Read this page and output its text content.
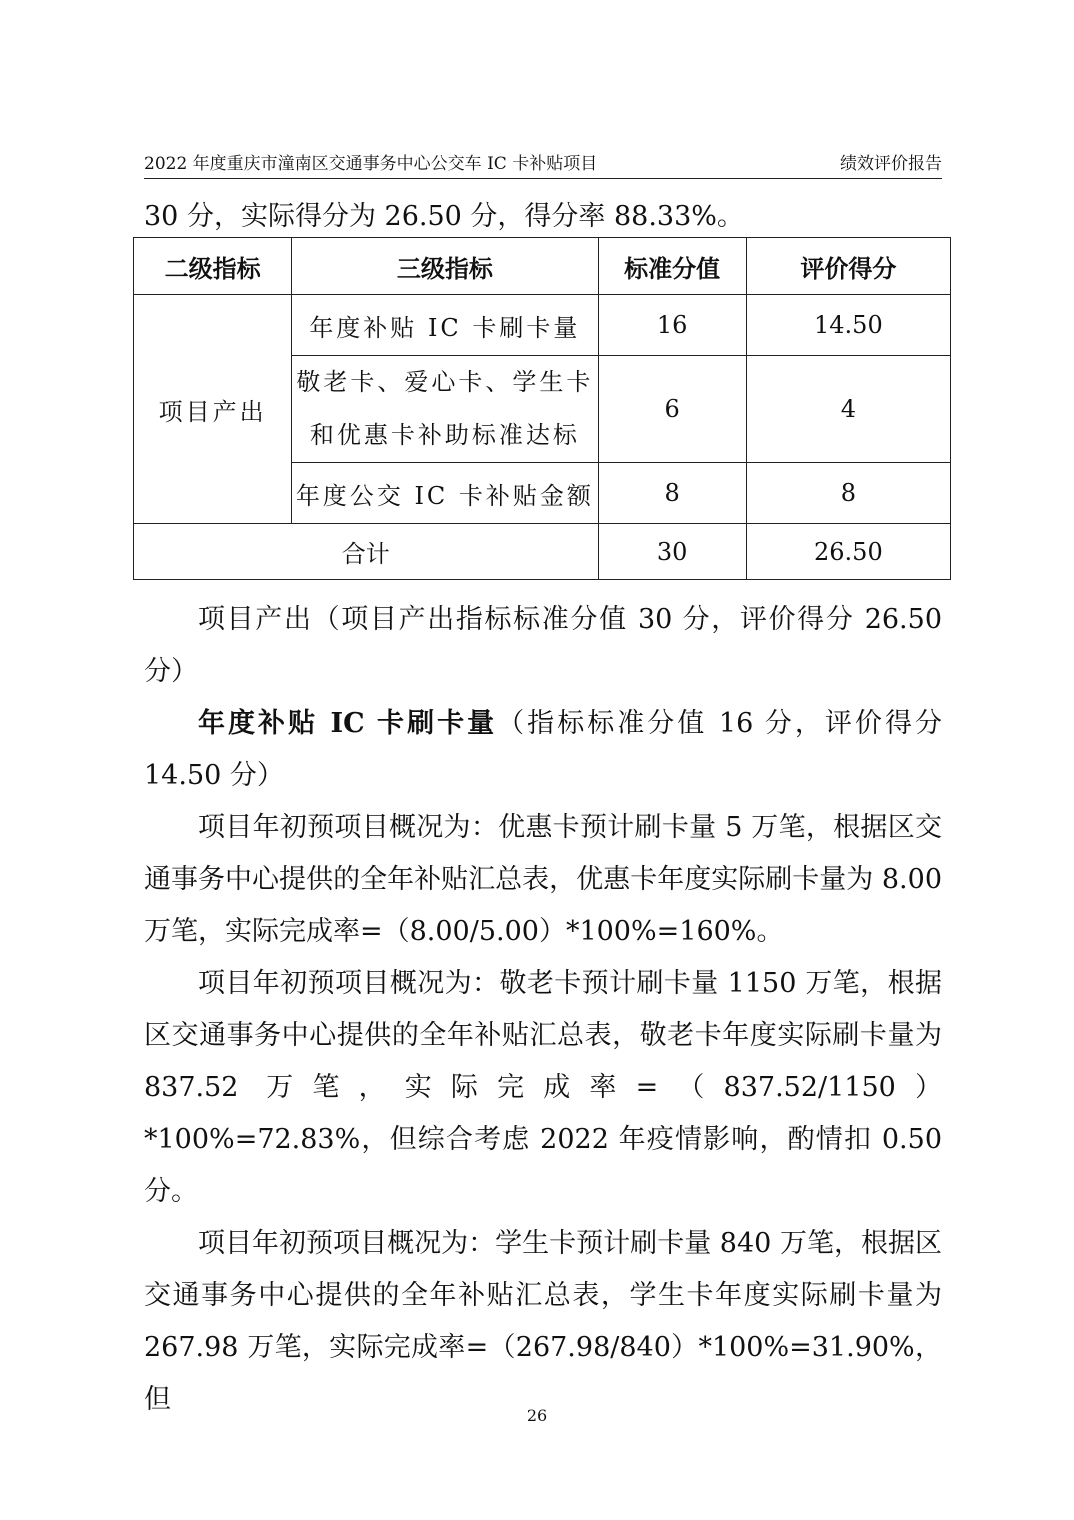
2022 年度重庆市潼南区交通事务中心公交车 IC 卡补贴项目	绩效评价报告
30 分，实际得分为 26.50 分，得分率 88.33%。
二级指标	三级指标	标准分值	评价得分
项目产出	年度补贴 IC 卡刷卡量	16	14.50

	敬老卡、爱心卡、学生卡
和优惠卡补助标准达标	6	4
	年度公交 IC 卡补贴金额	8	8
合计		30	26.50

项目产出（项目产出指标标准分值 30 分，评价得分 26.50 分）

年度补贴 IC 卡刷卡量（指标标准分值 16 分，评价得分 14.50 分）

项目年初预项目概况为：优惠卡预计刷卡量 5 万笔，根据区交通事务中心提供的全年补贴汇总表，优惠卡年度实际刷卡量为 8.00 万笔，实际完成率=（8.00/5.00）*100%=160%。

项目年初预项目概况为：敬老卡预计刷卡量 1150 万笔，根据区交通事务中心提供的全年补贴汇总表，敬老卡年度实际刷卡量为 837.52 万笔，实际完成率=（837.52/1150）*100%=72.83%，但综合考虑 2022 年疫情影响，酌情扣 0.50 分。

项目年初预项目概况为：学生卡预计刷卡量 840 万笔，根据区交通事务中心提供的全年补贴汇总表，学生卡年度实际刷卡量为 267.98 万笔，实际完成率=（267.98/840）*100%=31.90%，但

26
